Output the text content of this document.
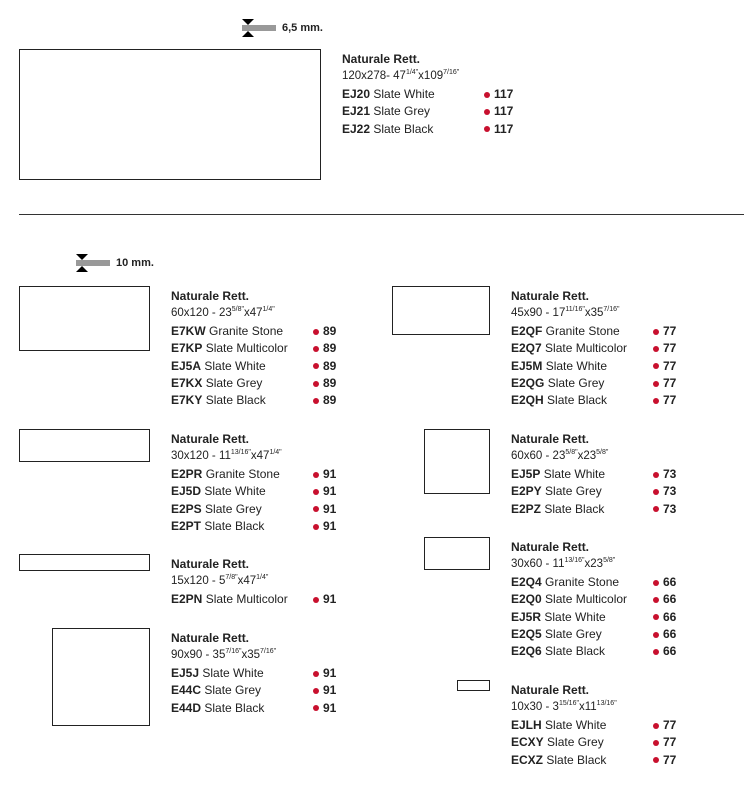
6,5 mm.
10 mm.
Naturale Rett.
120x278- $47^{1/4"}x109^{7/16"}$
EJ20 Slate White	117
EJ21 Slate Grey	117
EJ22 Slate Black	117
Naturale Rett.
$60x120 - 23^{5/8"}x47^{1/4"}$
E7KW Granite Stone	89
E7KP Slate Multicolor	89
EJ5A Slate White	89
E7KX Slate Grey	89
E7KY Slate Black	89
Naturale Rett.
$45x90 - 17^{11/16"}x35^{7/16"}$
E2QF Granite Stone	77
E2Q7 Slate Multicolor	77
EJ5M Slate White	77
E2QG Slate Grey	77
E2QH Slate Black	77
Naturale Rett.
$30x120 - 11^{13/16"}x47^{1/4"}$
E2PR Granite Stone	91
EJ5D Slate White	91
E2PS Slate Grey	91
E2PT Slate Black	91
Naturale Rett.
$60x60 - 23^{5/8"}x23^{5/8"}$
EJ5P Slate White	73
E2PY Slate Grey	73
E2PZ Slate Black	73
Naturale Rett.
$15x120 - 5^{7/8"}x47^{1/4"}$
E2PN Slate Multicolor	91
Naturale Rett.
$30x60 - 11^{13/16"}x23^{5/8"}$
E2Q4 Granite Stone	66
E2Q0 Slate Multicolor	66
EJ5R Slate White	66
E2Q5 Slate Grey	66
E2Q6 Slate Black	66
Naturale Rett.
$90x90 - 35^{7/16"}x35^{7/16"}$
EJ5J Slate White	91
E44C Slate Grey	91
E44D Slate Black	91
Naturale Rett.
$10x30 - 3^{15/16"}x11^{13/16"}$
EJLH Slate White	77
ECXY Slate Grey	77
ECXZ Slate Black	77
